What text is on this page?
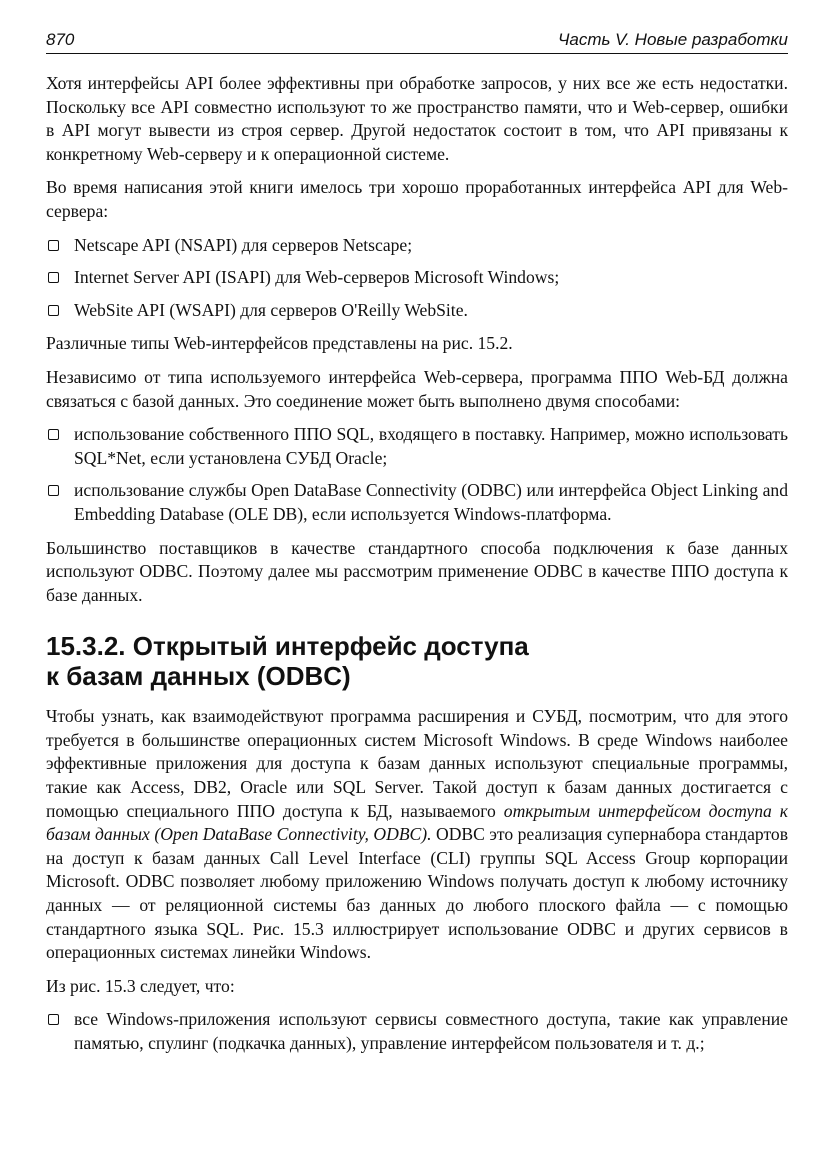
870	Часть V. Новые разработки

Хотя интерфейсы API более эффективны при обработке запросов, у них все же есть недостатки. Поскольку все API совместно используют то же пространство памяти, что и Web-сервер, ошибки в API могут вывести из строя сервер. Другой недостаток состоит в том, что API привязаны к конкретному Web-серверу и к операционной системе.

Во время написания этой книги имелось три хорошо проработанных интерфейса API для Web-сервера:

Netscape API (NSAPI) для серверов Netscape;
Internet Server API (ISAPI) для Web-серверов Microsoft Windows;
WebSite API (WSAPI) для серверов O'Reilly WebSite.

Различные типы Web-интерфейсов представлены на рис. 15.2.

Независимо от типа используемого интерфейса Web-сервера, программа ППО Web-БД должна связаться с базой данных. Это соединение может быть выполнено двумя способами:

использование собственного ППО SQL, входящего в поставку. Например, можно использовать SQL*Net, если установлена СУБД Oracle;
использование службы Open DataBase Connectivity (ODBC) или интерфейса Object Linking and Embedding Database (OLE DB), если используется Windows-платформа.

Большинство поставщиков в качестве стандартного способа подключения к базе данных используют ODBC. Поэтому далее мы рассмотрим применение ODBC в качестве ППО доступа к базе данных.

15.3.2. Открытый интерфейс доступа
к базам данных (ODBC)

Чтобы узнать, как взаимодействуют программа расширения и СУБД, посмотрим, что для этого требуется в большинстве операционных систем Microsoft Windows. В среде Windows наиболее эффективные приложения для доступа к базам данных используют специальные программы, такие как Access, DB2, Oracle или SQL Server. Такой доступ к базам данных достигается с помощью специального ППО доступа к БД, называемого открытым интерфейсом доступа к базам данных (Open DataBase Connectivity, ODBC). ODBC это реализация супернабора стандартов на доступ к базам данных Call Level Interface (CLI) группы SQL Access Group корпорации Microsoft. ODBC позволяет любому приложению Windows получать доступ к любому источнику данных — от реляционной системы баз данных до любого плоского файла — с помощью стандартного языка SQL. Рис. 15.3 иллюстрирует использование ODBC и других сервисов в операционных системах линейки Windows.

Из рис. 15.3 следует, что:

все Windows-приложения используют сервисы совместного доступа, такие как управление памятью, спулинг (подкачка данных), управление интерфейсом пользователя и т. д.;
